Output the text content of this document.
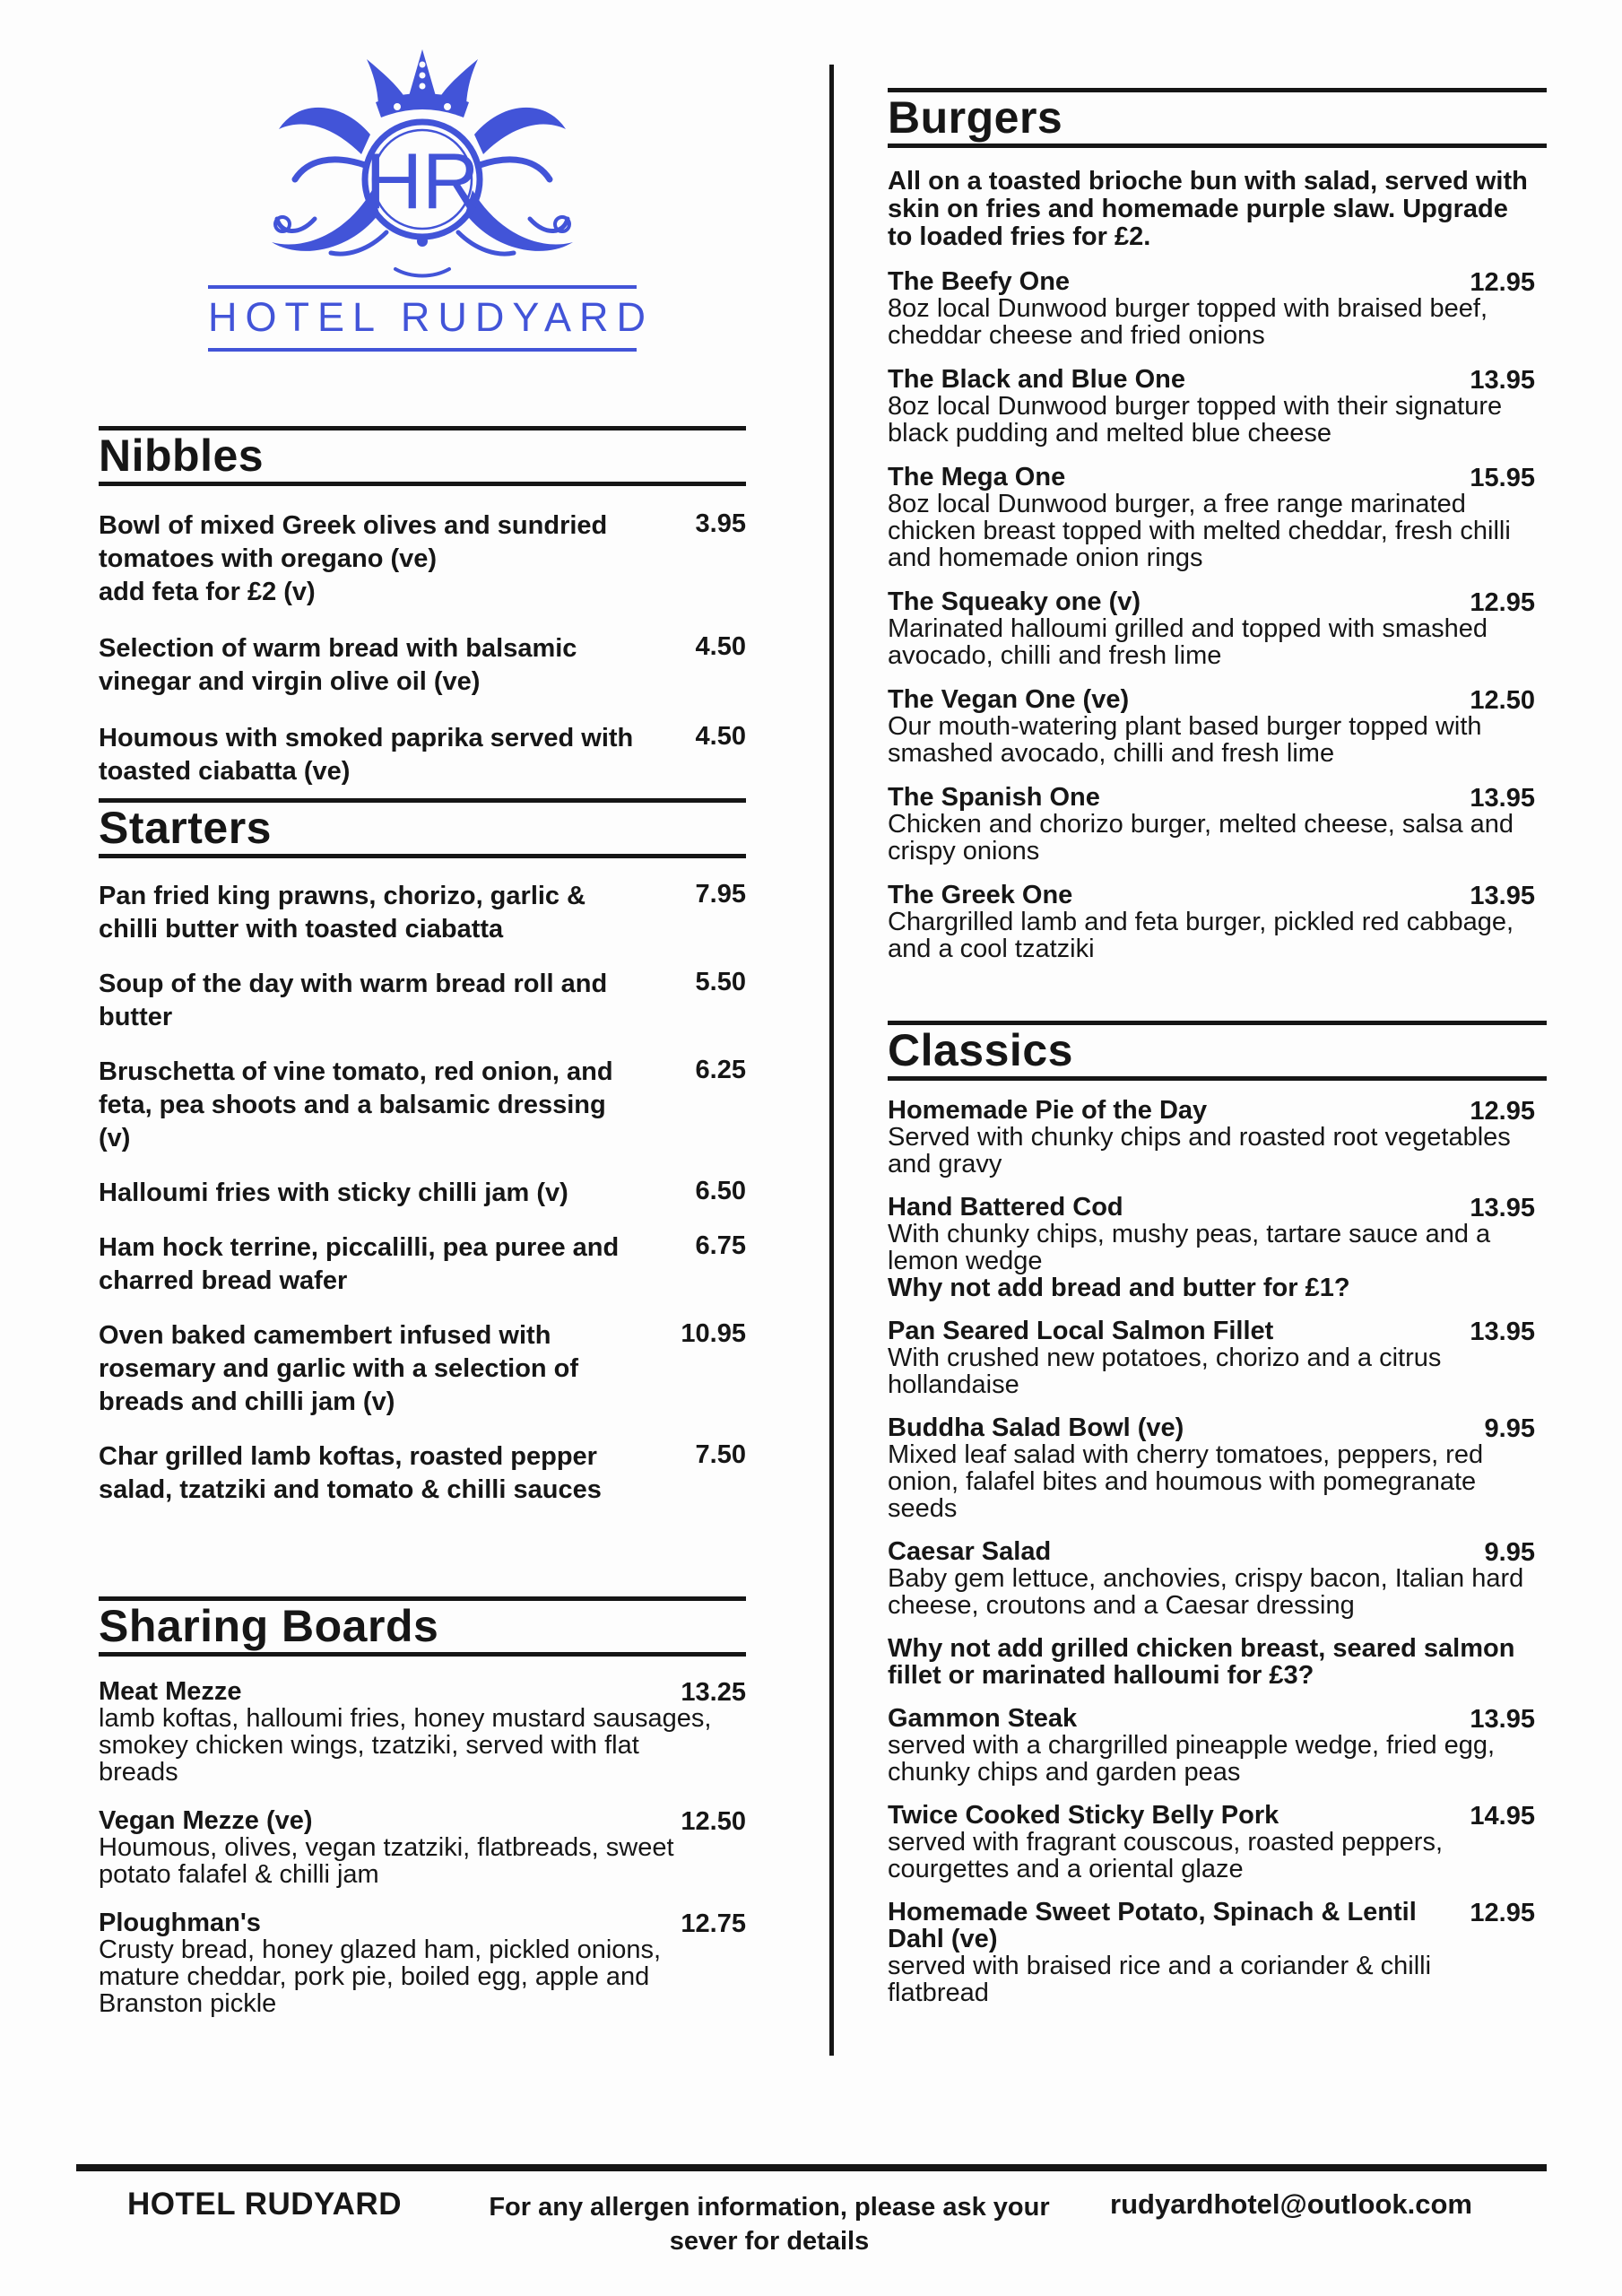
HR
HOTEL RUDYARD
Nibbles
3.95
Bowl of mixed Greek olives and sundried tomatoes with oregano (ve)
add feta for £2 (v)
4.50
Selection of warm bread with balsamic vinegar and virgin olive oil (ve)
4.50
Houmous with smoked paprika served with toasted ciabatta (ve)
Starters
7.95
Pan fried king prawns, chorizo, garlic & chilli butter with toasted ciabatta
5.50
Soup of the day with warm bread roll and butter
6.25
Bruschetta of vine tomato, red onion, and feta, pea shoots and a balsamic dressing (v)
6.50
Halloumi fries with sticky chilli jam (v)
6.75
Ham hock terrine, piccalilli, pea puree and charred bread wafer
10.95
Oven baked camembert infused with rosemary and garlic with a selection of breads and chilli jam (v)
7.50
Char grilled lamb koftas, roasted pepper salad, tzatziki and tomato & chilli sauces
Sharing Boards
13.25
Meat Mezze
lamb koftas, halloumi fries, honey mustard sausages, smokey chicken wings, tzatziki, served with flat breads
12.50
Vegan Mezze (ve)
Houmous, olives, vegan tzatziki, flatbreads, sweet potato falafel & chilli jam
12.75
Ploughman's
Crusty bread, honey glazed ham, pickled onions, mature cheddar, pork pie, boiled egg, apple and Branston pickle
Burgers
All on a toasted brioche bun with salad, served with skin on fries and homemade purple slaw. Upgrade to loaded fries for £2.
12.95
The Beefy One
8oz local Dunwood burger topped with braised beef, cheddar cheese and fried onions
13.95
The Black and Blue One
8oz local Dunwood burger topped with their signature black pudding and melted blue cheese
15.95
The Mega One
8oz local Dunwood burger, a free range marinated chicken breast topped with melted cheddar, fresh chilli and homemade onion rings
12.95
The Squeaky one (v)
Marinated halloumi grilled and topped with smashed avocado, chilli and fresh lime
12.50
The Vegan One (ve)
Our mouth-watering plant based burger topped with smashed avocado, chilli and fresh lime
13.95
The Spanish One
Chicken and chorizo burger, melted cheese, salsa and crispy onions
13.95
The Greek One
Chargrilled lamb and feta burger, pickled red cabbage, and a cool tzatziki
Classics
12.95
Homemade Pie of the Day
Served with chunky chips and roasted root vegetables and gravy
13.95
Hand Battered Cod
With chunky chips, mushy peas, tartare sauce and a lemon wedge
Why not add bread and butter for £1?
13.95
Pan Seared Local Salmon Fillet
With crushed new potatoes, chorizo and a citrus hollandaise
9.95
Buddha Salad Bowl (ve)
Mixed leaf salad with cherry tomatoes, peppers, red onion, falafel bites and houmous with pomegranate seeds
9.95
Caesar Salad
Baby gem lettuce, anchovies, crispy bacon, Italian hard cheese, croutons and a Caesar dressing
Why not add grilled chicken breast, seared salmon fillet or marinated halloumi for £3?
13.95
Gammon Steak
served with a chargrilled pineapple wedge, fried egg, chunky chips and garden peas
14.95
Twice Cooked Sticky Belly Pork
served with fragrant couscous, roasted peppers, courgettes and a oriental glaze
12.95
Homemade Sweet Potato, Spinach & Lentil Dahl (ve)
served with braised rice and a coriander & chilli flatbread
HOTEL RUDYARD	For any allergen information, please ask your sever for details
rudyardhotel@outlook.com
